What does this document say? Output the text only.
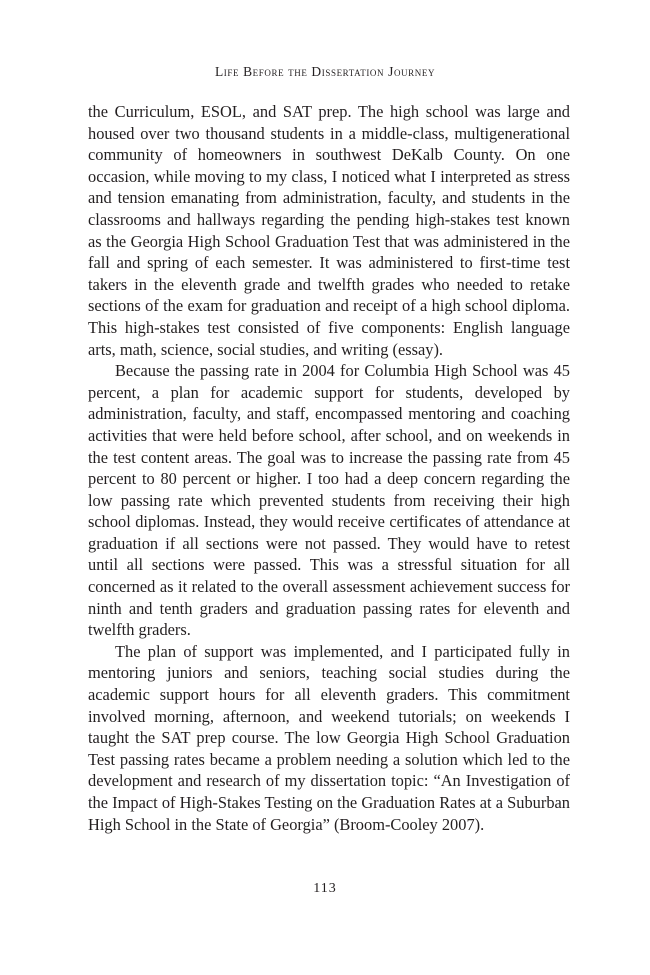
Life Before the Dissertation Journey

the Curriculum, ESOL, and SAT prep. The high school was large and housed over two thousand students in a middle-class, multigenerational community of homeowners in southwest DeKalb County. On one occasion, while moving to my class, I noticed what I interpreted as stress and tension emanating from administration, faculty, and students in the classrooms and hallways regarding the pending high-stakes test known as the Georgia High School Graduation Test that was administered in the fall and spring of each semester. It was administered to first-time test takers in the eleventh grade and twelfth grades who needed to retake sections of the exam for graduation and receipt of a high school diploma. This high-stakes test consisted of five components: English language arts, math, science, social studies, and writing (essay).

Because the passing rate in 2004 for Columbia High School was 45 percent, a plan for academic support for students, developed by administration, faculty, and staff, encompassed mentoring and coaching activities that were held before school, after school, and on weekends in the test content areas. The goal was to increase the passing rate from 45 percent to 80 percent or higher. I too had a deep concern regarding the low passing rate which prevented students from receiving their high school diplomas. Instead, they would receive certificates of attendance at graduation if all sections were not passed. They would have to retest until all sections were passed. This was a stressful situation for all concerned as it related to the overall assessment achievement success for ninth and tenth graders and graduation passing rates for eleventh and twelfth graders.

The plan of support was implemented, and I participated fully in mentoring juniors and seniors, teaching social studies during the academic support hours for all eleventh graders. This commitment involved morning, afternoon, and weekend tutorials; on weekends I taught the SAT prep course. The low Georgia High School Graduation Test passing rates became a problem needing a solution which led to the development and research of my dissertation topic: “An Investigation of the Impact of High-Stakes Testing on the Graduation Rates at a Suburban High School in the State of Georgia” (Broom-Cooley 2007).

113
